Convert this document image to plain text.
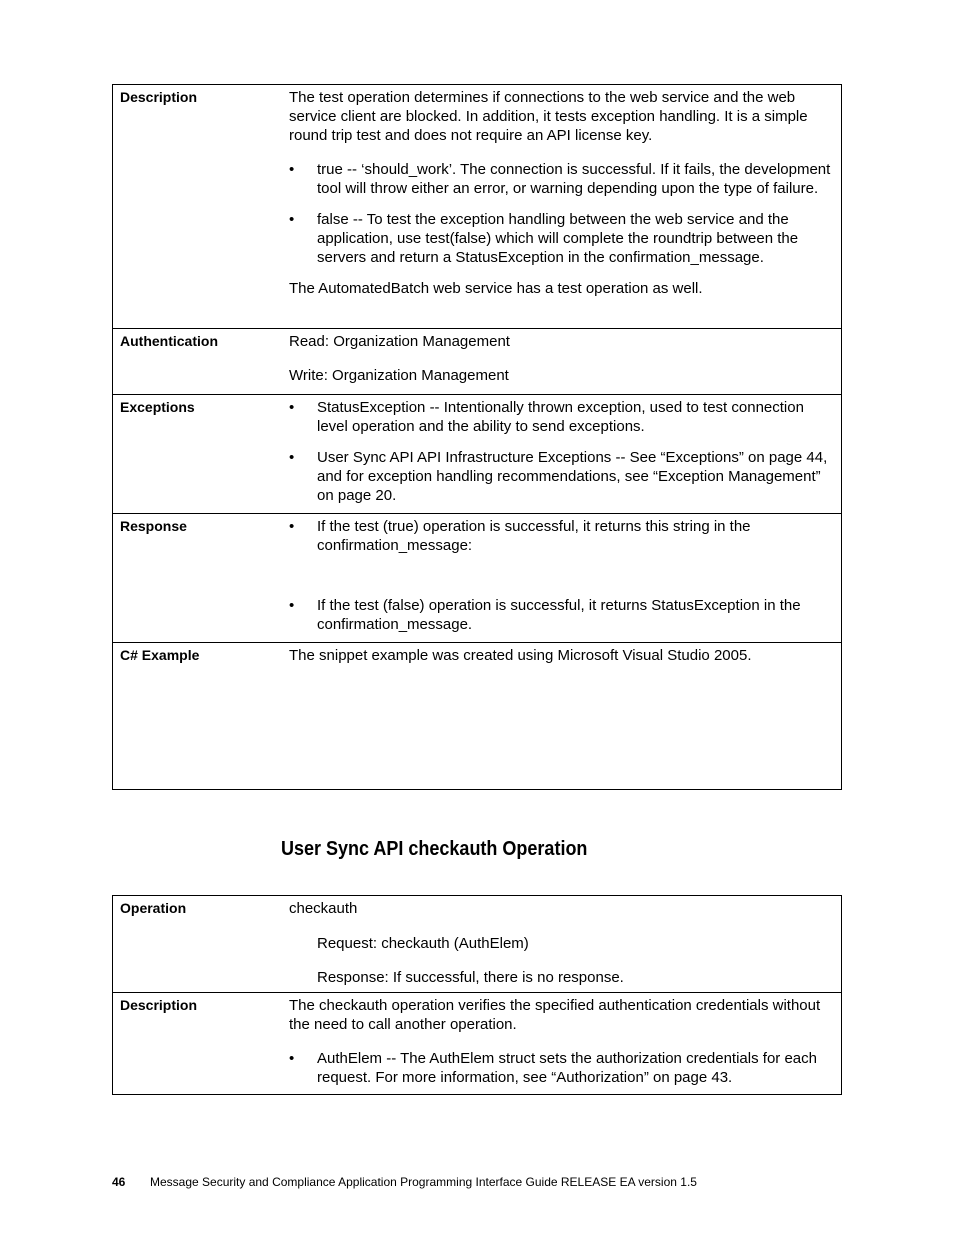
Description	The test operation determines if connections to the web service and the web service client are blocked. In addition, it tests exception handling. It is a simple round trip test and does not require an API license key.

• true -- ‘should_work’. The connection is successful. If it fails, the development tool will throw either an error, or warning depending upon the type of failure.
• false -- To test the exception handling between the web service and the application, use test(false) which will complete the roundtrip between the servers and return a StatusException in the confirmation_message.

The AutomatedBatch web service has a test operation as well.

Authentication	Read: Organization Management

Write: Organization Management

Exceptions	• StatusException -- Intentionally thrown exception, used to test connection level operation and the ability to send exceptions.
• User Sync API API Infrastructure Exceptions -- See “Exceptions” on page 44, and for exception handling recommendations, see “Exception Management” on page 20.
Response	• If the test (true) operation is successful, it returns this string in the confirmation_message:
• If the test (false) operation is successful, it returns StatusException in the confirmation_message.
C# Example	The snippet example was created using Microsoft Visual Studio 2005.

User Sync API checkauth Operation
Operation	checkauth

Request: checkauth (AuthElem)

Response: If successful, there is no response.

Description	The checkauth operation verifies the specified authentication credentials without the need to call another operation.

• AuthElem -- The AuthElem struct sets the authorization credentials for each request. For more information, see “Authorization” on page 43.
46 Message Security and Compliance Application Programming Interface Guide RELEASE EA version 1.5
